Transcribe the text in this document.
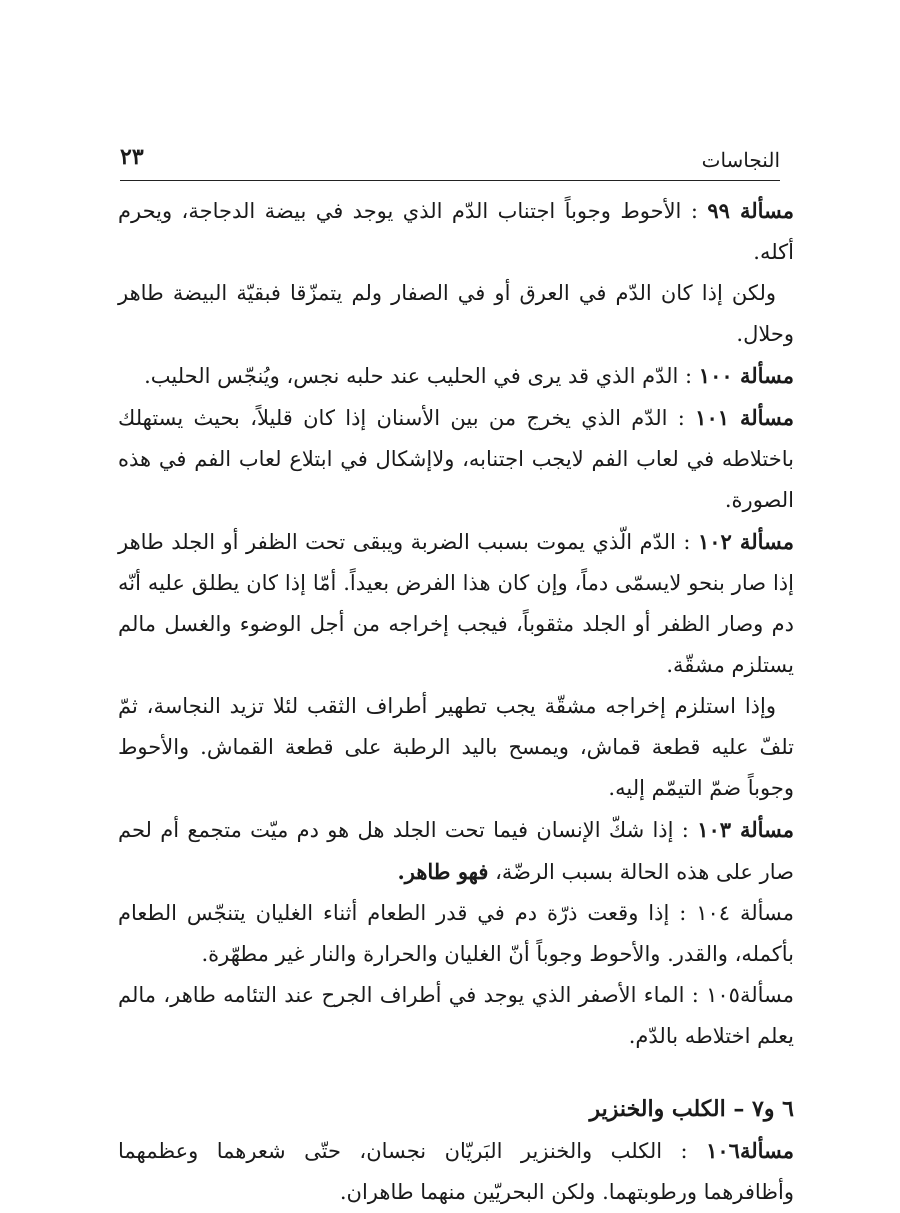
النجاسات
٢٣

مسألة ٩٩ : الأحوط وجوباً اجتناب الدّم الذي يوجد في بيضة الدجاجة، ويحرم أكله.
ولكن إذا كان الدّم في العرق أو في الصفار ولم يتمزّقا فبقيّة البيضة طاهر وحلال.

مسألة ١٠٠ : الدّم الذي قد يرى في الحليب عند حلبه نجس، ويُنجّس الحليب.

مسألة ١٠١ : الدّم الذي يخرج من بين الأسنان إذا كان قليلاً، بحيث يستهلك باختلاطه في لعاب الفم لايجب اجتنابه، ولاإشكال في ابتلاع لعاب الفم في هذه الصورة.

مسألة ١٠٢ : الدّم الّذي يموت بسبب الضربة ويبقى تحت الظفر أو الجلد طاهر إذا صار بنحو لايسمّى دماً، وإن كان هذا الفرض بعيداً. أمّا إذا كان يطلق عليه أنّه دم وصار الظفر أو الجلد مثقوباً، فيجب إخراجه من أجل الوضوء والغسل مالم يستلزم مشقّة.
وإذا استلزم إخراجه مشقّة يجب تطهير أطراف الثقب لئلا تزيد النجاسة، ثمّ تلفّ عليه قطعة قماش، ويمسح باليد الرطبة على قطعة القماش. والأحوط وجوباً ضمّ التيمّم إليه.

مسألة ١٠٣ : إذا شكّ الإنسان فيما تحت الجلد هل هو دم ميّت متجمع أم لحم صار على هذه الحالة بسبب الرضّة، فهو طاهر.

مسألة ١٠٤ : إذا وقعت ذرّة دم في قدر الطعام أثناء الغليان يتنجّس الطعام بأكمله، والقدر. والأحوط وجوباً أنّ الغليان والحرارة والنار غير مطهّرة.

مسألة١٠٥ : الماء الأصفر الذي يوجد في أطراف الجرح عند التئامه طاهر، مالم يعلم اختلاطه بالدّم.

٦ و٧ – الكلب والخنزير

مسألة١٠٦ : الكلب والخنزير البَريّان نجسان، حتّى شعرهما وعظمهما وأظافرهما ورطوبتهما. ولكن البحريّين منهما طاهران.
